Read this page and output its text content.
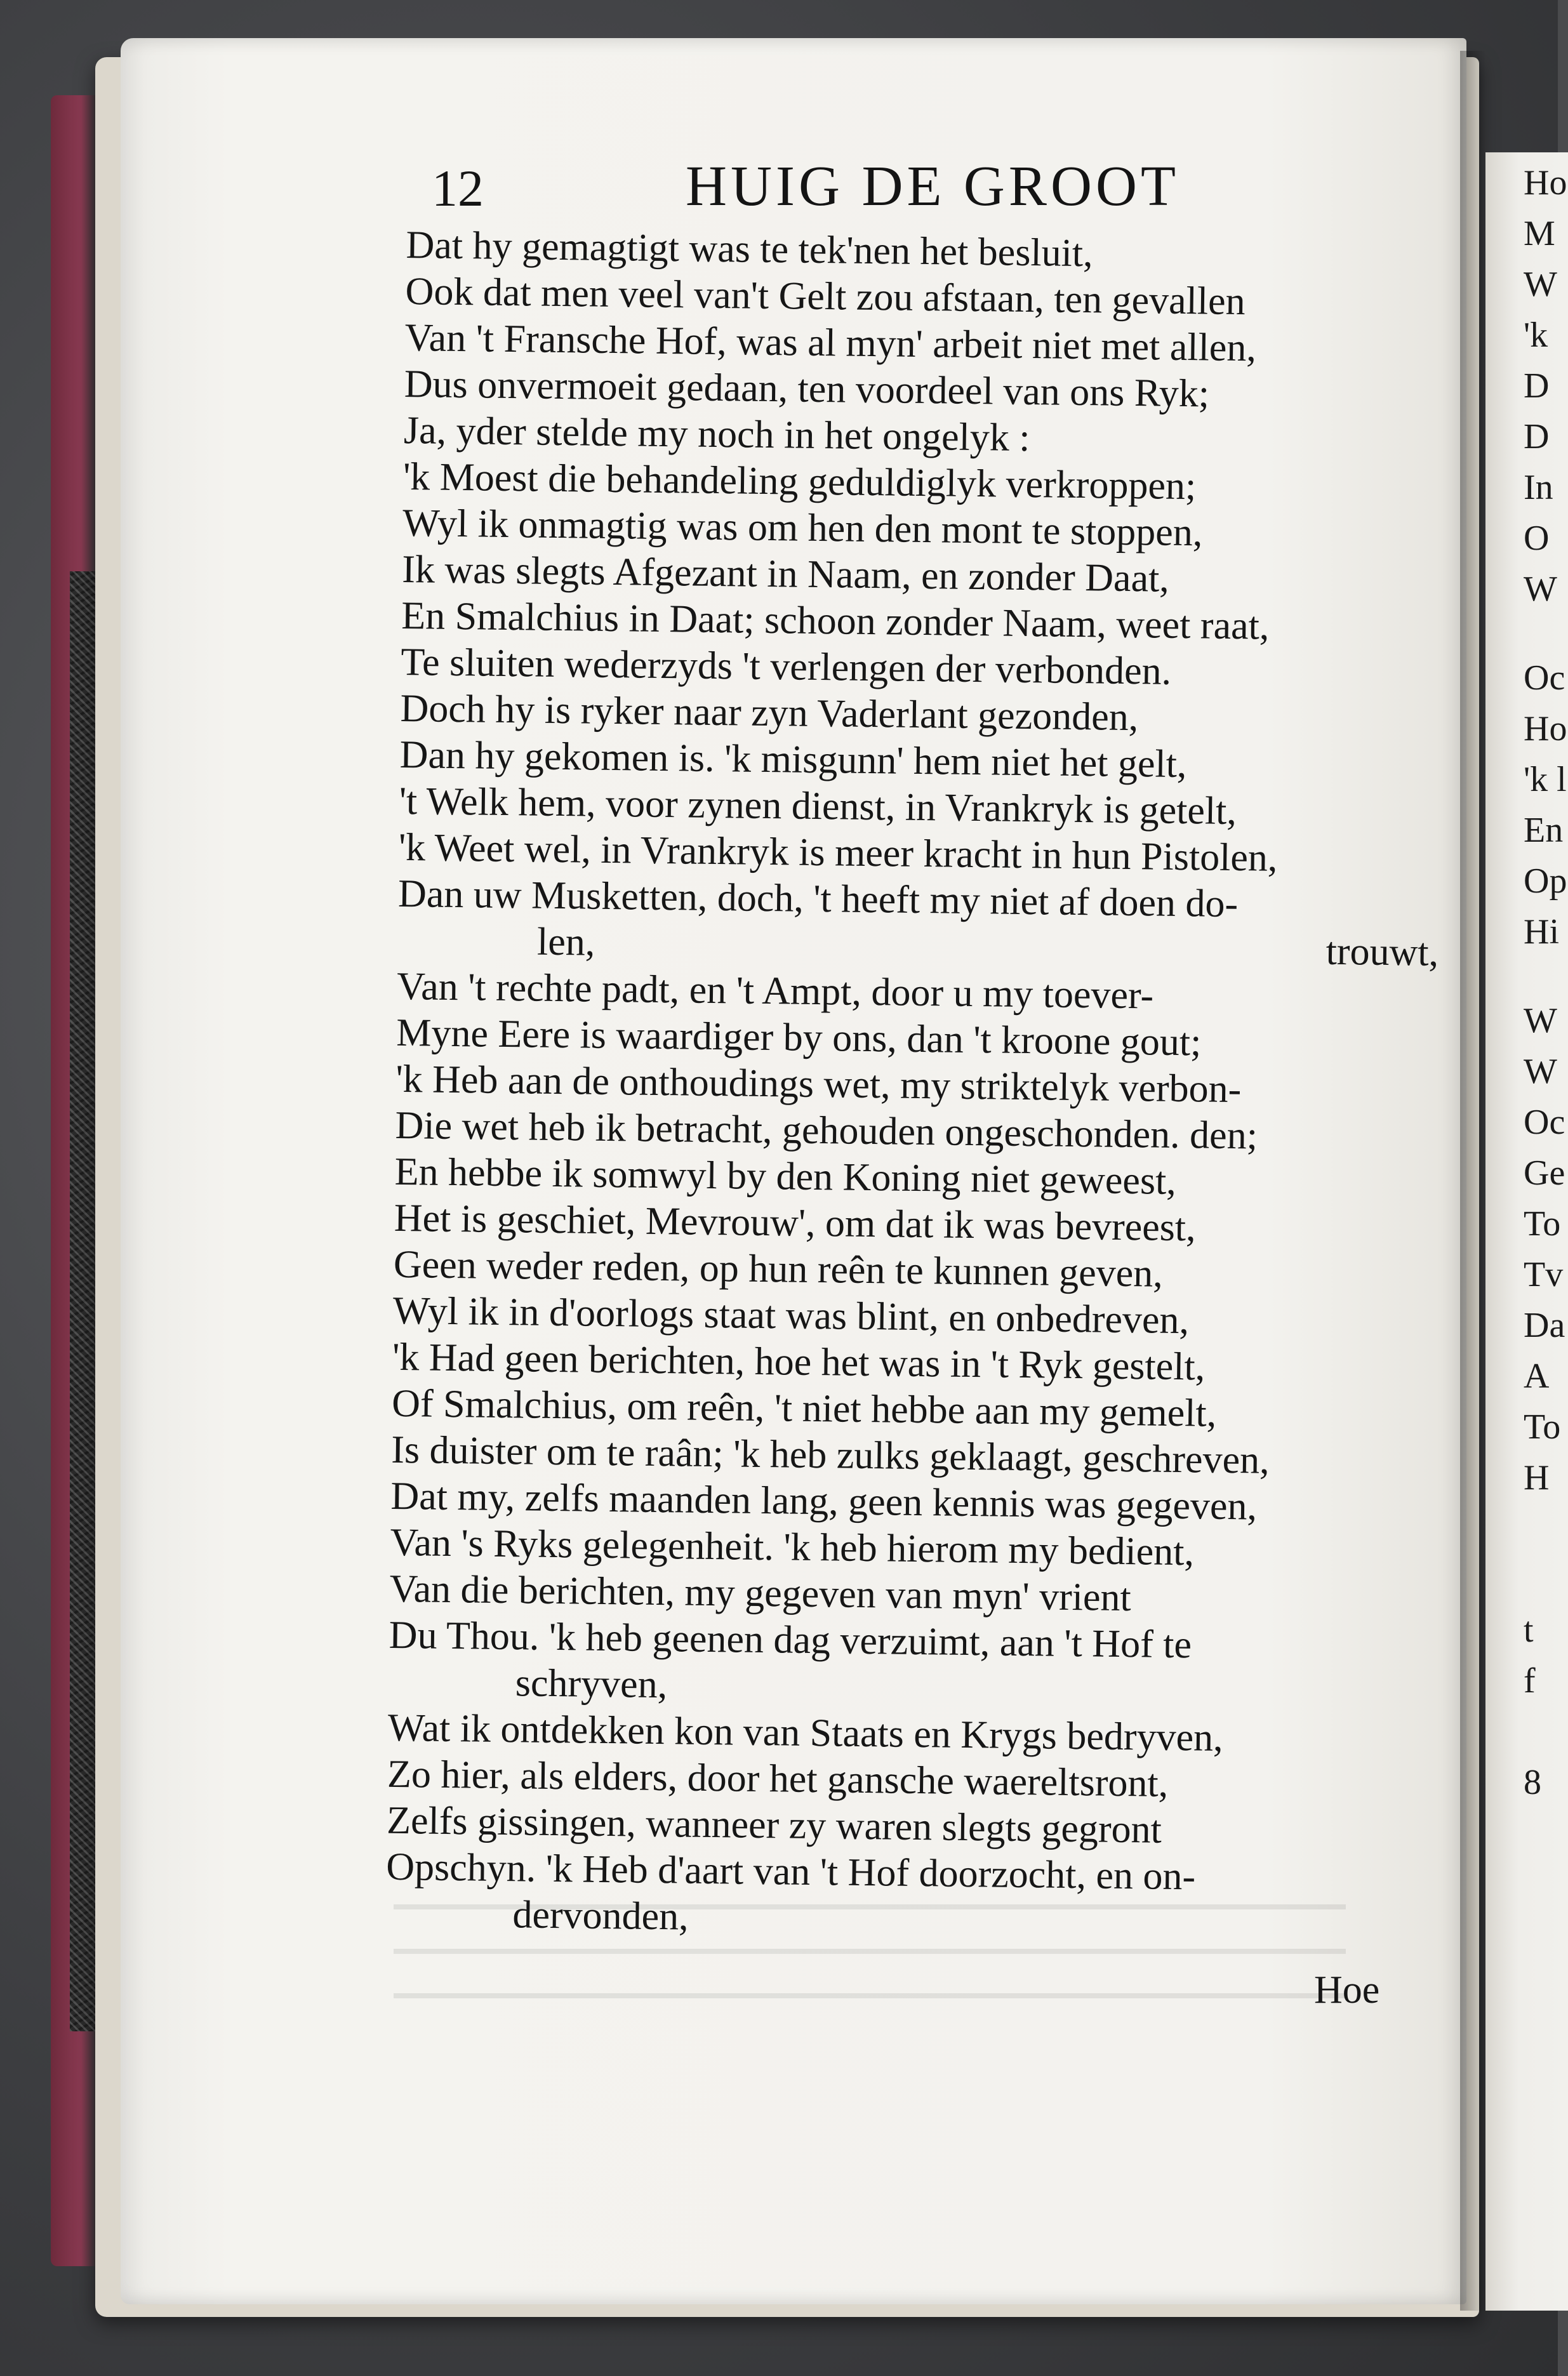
Ho
M
W
'k
D
D
In
O
W
Oc
Ho
'k l
En
Op
Hi
W
W
Oc
Ge
To
Tv
Da
A
To
H
t
f
8
12	HUIG DE GROOT
Dat hy gemagtigt was te tek'nen het besluit,
Ook dat men veel van't Gelt zou afstaan, ten gevallen
Van 't Fransche Hof, was al myn' arbeit niet met allen,
Dus onvermoeit gedaan, ten voordeel van ons Ryk;
Ja, yder stelde my noch in het ongelyk :
'k Moest die behandeling geduldiglyk verkroppen;
Wyl ik onmagtig was om hen den mont te stoppen,
Ik was slegts Afgezant in Naam, en zonder Daat,
En Smalchius in Daat; schoon zonder Naam, weet raat,
Te sluiten wederzyds 't verlengen der verbonden.
Doch hy is ryker naar zyn Vaderlant gezonden,
Dan hy gekomen is. 'k misgunn' hem niet het gelt,
't Welk hem, voor zynen dienst, in Vrankryk is getelt,
'k Weet wel, in Vrankryk is meer kracht in hun Pistolen,
Dan uw Musketten, doch, 't heeft my niet af doen do-
len,	trouwt,
Van 't rechte padt, en 't Ampt, door u my toever-
Myne Eere is waardiger by ons, dan 't kroone gout;
'k Heb aan de onthoudings wet, my striktelyk verbon-
Die wet heb ik betracht, gehouden ongeschonden. den;
En hebbe ik somwyl by den Koning niet geweest,
Het is geschiet, Mevrouw', om dat ik was bevreest,
Geen weder reden, op hun reên te kunnen geven,
Wyl ik in d'oorlogs staat was blint, en onbedreven,
'k Had geen berichten, hoe het was in 't Ryk gestelt,
Of Smalchius, om reên, 't niet hebbe aan my gemelt,
Is duister om te raân; 'k heb zulks geklaagt, geschreven,
Dat my, zelfs maanden lang, geen kennis was gegeven,
Van 's Ryks gelegenheit. 'k heb hierom my bedient,
Van die berichten, my gegeven van myn' vrient
Du Thou. 'k heb geenen dag verzuimt, aan 't Hof te
schryven,
Wat ik ontdekken kon van Staats en Krygs bedryven,
Zo hier, als elders, door het gansche waereltsront,
Zelfs gissingen, wanneer zy waren slegts gegront
Opschyn. 'k Heb d'aart van 't Hof doorzocht, en on-
dervonden,
Hoe
